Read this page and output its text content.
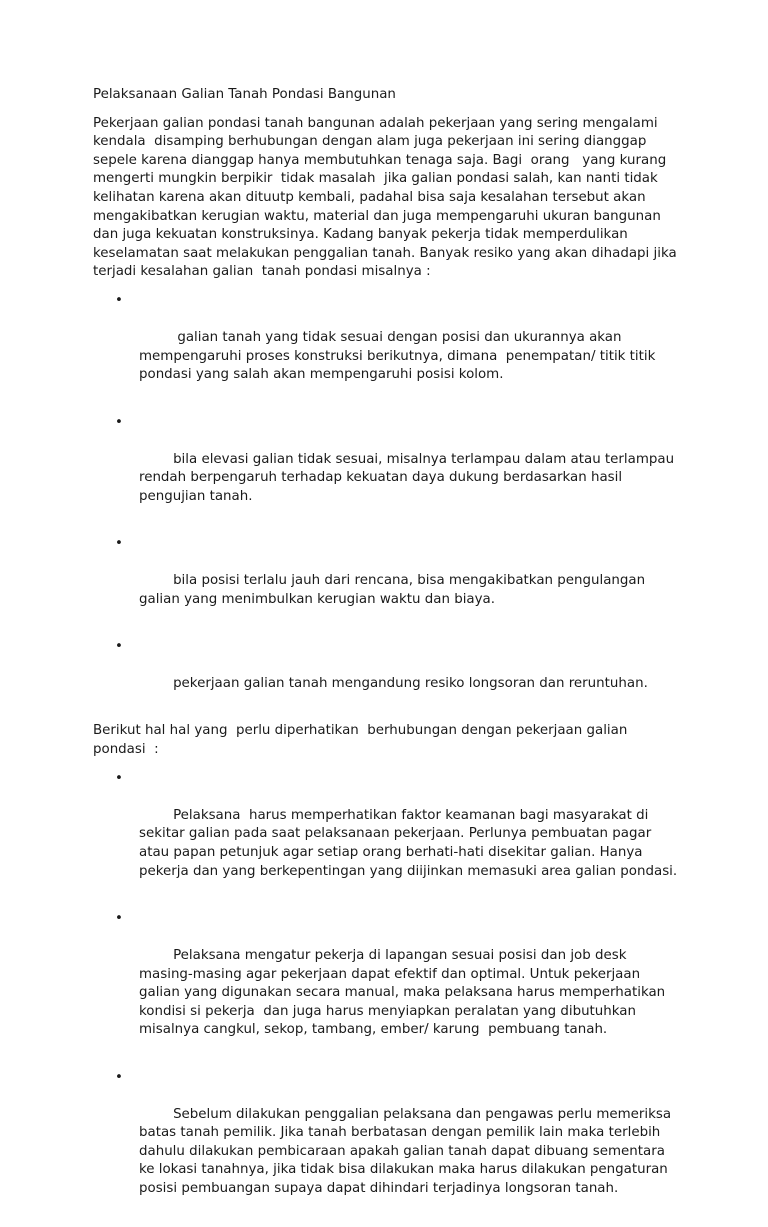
Pelaksanaan Galian Tanah Pondasi Bangunan

Pekerjaan galian pondasi tanah bangunan adalah pekerjaan yang sering mengalami kendala  disamping berhubungan dengan alam juga pekerjaan ini sering dianggap sepele karena dianggap hanya membutuhkan tenaga saja. Bagi  orang   yang kurang mengerti mungkin berpikir  tidak masalah  jika galian pondasi salah, kan nanti tidak kelihatan karena akan dituutp kembali, padahal bisa saja kesalahan tersebut akan mengakibatkan kerugian waktu, material dan juga mempengaruhi ukuran bangunan  dan juga kekuatan konstruksinya. Kadang banyak pekerja tidak memperdulikan  keselamatan saat melakukan penggalian tanah. Banyak resiko yang akan dihadapi jika terjadi kesalahan galian  tanah pondasi misalnya :

•

galian tanah yang tidak sesuai dengan posisi dan ukurannya akan mempengaruhi proses konstruksi berikutnya, dimana  penempatan/ titik titik pondasi yang salah akan mempengaruhi posisi kolom.

•

bila elevasi galian tidak sesuai, misalnya terlampau dalam atau terlampau rendah berpengaruh terhadap kekuatan daya dukung berdasarkan hasil pengujian tanah.

•

bila posisi terlalu jauh dari rencana, bisa mengakibatkan pengulangan galian yang menimbulkan kerugian waktu dan biaya.

•

pekerjaan galian tanah mengandung resiko longsoran dan reruntuhan.

Berikut hal hal yang  perlu diperhatikan  berhubungan dengan pekerjaan galian pondasi  :

•

Pelaksana  harus memperhatikan faktor keamanan bagi masyarakat di sekitar galian pada saat pelaksanaan pekerjaan. Perlunya pembuatan pagar atau papan petunjuk agar setiap orang berhati-hati disekitar galian. Hanya pekerja dan yang berkepentingan yang diijinkan memasuki area galian pondasi.

•

Pelaksana mengatur pekerja di lapangan sesuai posisi dan job desk masing-masing agar pekerjaan dapat efektif dan optimal. Untuk pekerjaan galian yang digunakan secara manual, maka pelaksana harus memperhatikan kondisi si pekerja  dan juga harus menyiapkan peralatan yang dibutuhkan misalnya cangkul, sekop, tambang, ember/ karung  pembuang tanah.

•

Sebelum dilakukan penggalian pelaksana dan pengawas perlu memeriksa batas tanah pemilik. Jika tanah berbatasan dengan pemilik lain maka terlebih dahulu dilakukan pembicaraan apakah galian tanah dapat dibuang sementara ke lokasi tanahnya, jika tidak bisa dilakukan maka harus dilakukan pengaturan posisi pembuangan supaya dapat dihindari terjadinya longsoran tanah.
